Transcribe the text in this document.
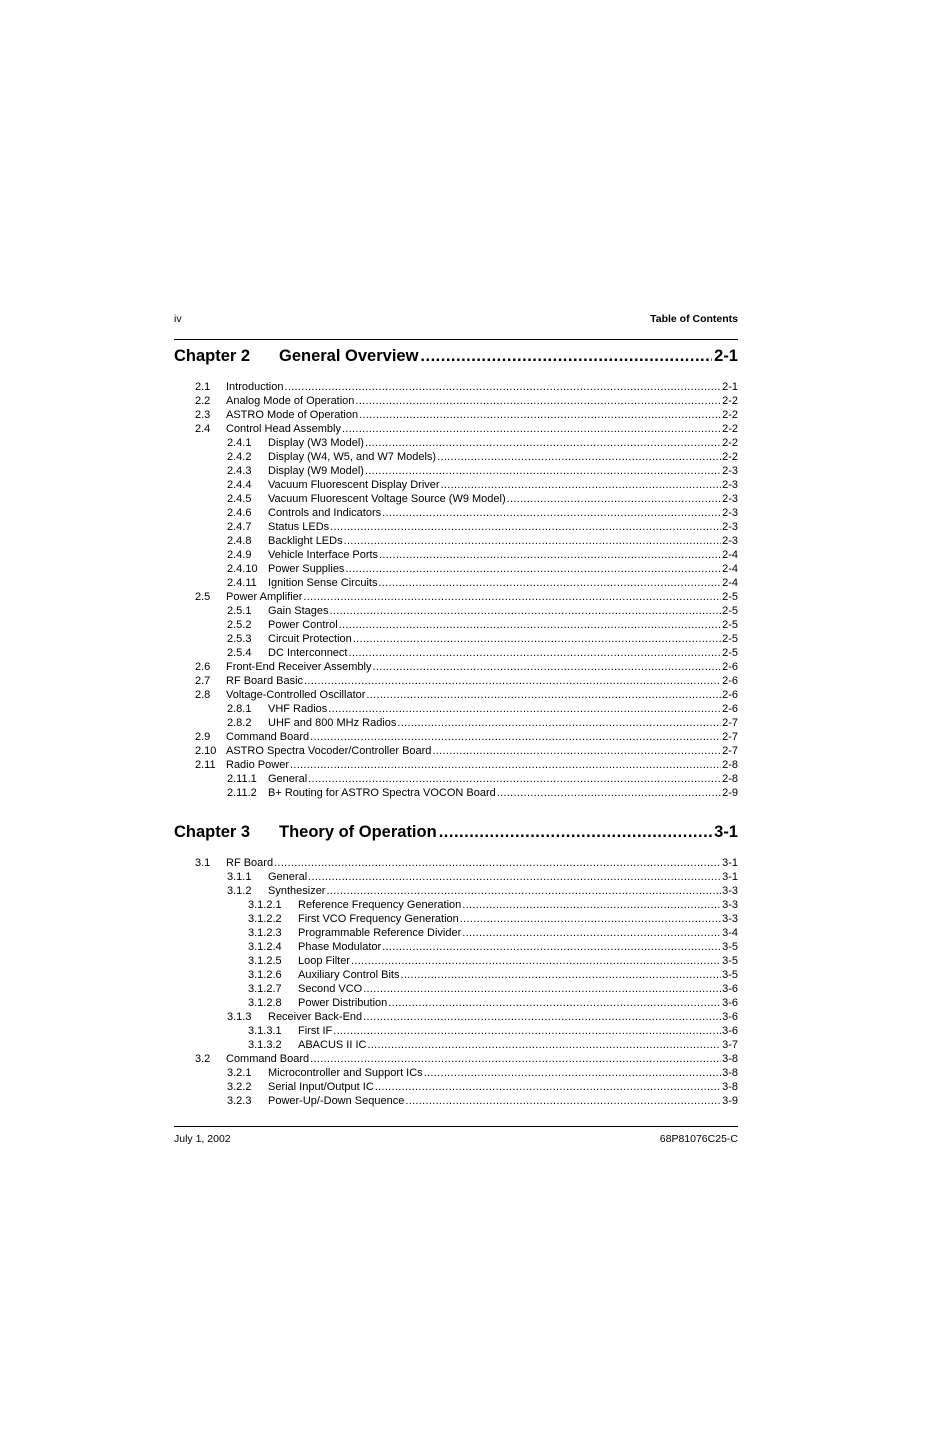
iv	Table of Contents
Chapter 2 General Overview .....	2-1
2.1 Introduction .....	2-1
2.2 Analog Mode of Operation .....	2-2
2.3 ASTRO Mode of Operation .....	2-2
2.4 Control Head Assembly .....	2-2
2.4.1 Display (W3 Model) .....	2-2
2.4.2 Display (W4, W5, and W7 Models) .....	2-2
2.4.3 Display (W9 Model) .....	2-3
2.4.4 Vacuum Fluorescent Display Driver .....	2-3
2.4.5 Vacuum Fluorescent Voltage Source (W9 Model) .....	2-3
2.4.6 Controls and Indicators .....	2-3
2.4.7 Status LEDs .....	2-3
2.4.8 Backlight LEDs .....	2-3
2.4.9 Vehicle Interface Ports .....	2-4
2.4.10 Power Supplies .....	2-4
2.4.11 Ignition Sense Circuits .....	2-4
2.5 Power Amplifier .....	2-5
2.5.1 Gain Stages .....	2-5
2.5.2 Power Control .....	2-5
2.5.3 Circuit Protection .....	2-5
2.5.4 DC Interconnect .....	2-5
2.6 Front-End Receiver Assembly .....	2-6
2.7 RF Board Basic .....	2-6
2.8 Voltage-Controlled Oscillator .....	2-6
2.8.1 VHF Radios .....	2-6
2.8.2 UHF and 800 MHz Radios .....	2-7
2.9 Command Board .....	2-7
2.10 ASTRO Spectra Vocoder/Controller Board .....	2-7
2.11 Radio Power .....	2-8
2.11.1 General .....	2-8
2.11.2 B+ Routing for ASTRO Spectra VOCON Board .....	2-9
Chapter 3 Theory of Operation .....	3-1
3.1 RF Board .....	3-1
3.1.1 General .....	3-1
3.1.2 Synthesizer .....	3-3
3.1.2.1 Reference Frequency Generation .....	3-3
3.1.2.2 First VCO Frequency Generation .....	3-3
3.1.2.3 Programmable Reference Divider .....	3-4
3.1.2.4 Phase Modulator .....	3-5
3.1.2.5 Loop Filter .....	3-5
3.1.2.6 Auxiliary Control Bits .....	3-5
3.1.2.7 Second VCO .....	3-6
3.1.2.8 Power Distribution .....	3-6
3.1.3 Receiver Back-End .....	3-6
3.1.3.1 First IF .....	3-6
3.1.3.2 ABACUS II IC .....	3-7
3.2 Command Board .....	3-8
3.2.1 Microcontroller and Support ICs .....	3-8
3.2.2 Serial Input/Output IC .....	3-8
3.2.3 Power-Up/-Down Sequence .....	3-9
July 1, 2002	68P81076C25-C
